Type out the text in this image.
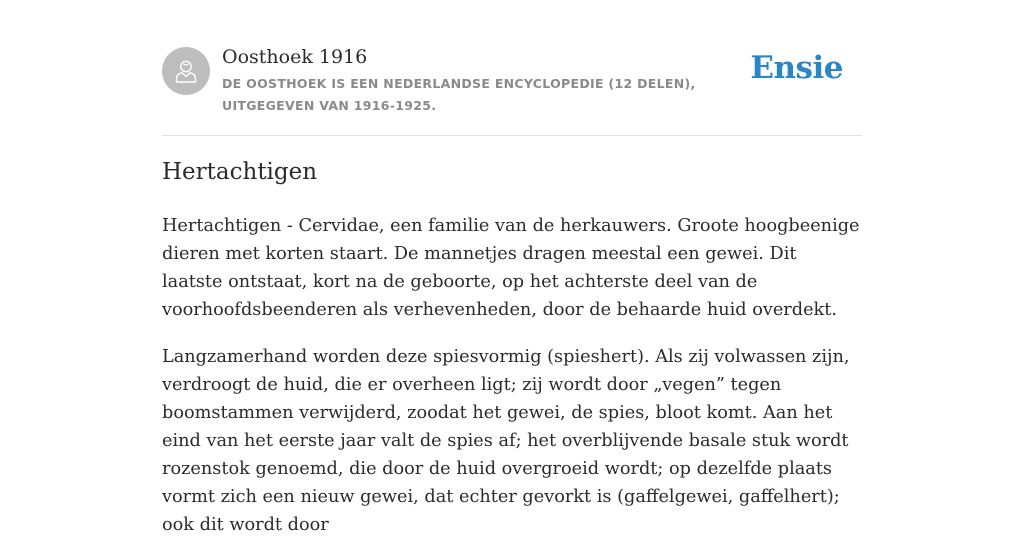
Oosthoek 1916

DE OOSTHOEK IS EEN NEDERLANDSE ENCYCLOPEDIE (12 DELEN), UITGEGEVEN VAN 1916-1925.

Ensie
Hertachtigen

Hertachtigen - Cervidae, een familie van de herkauwers. Groote hoogbeenige dieren met korten staart. De mannetjes dragen meestal een gewei. Dit laatste ontstaat, kort na de geboorte, op het achterste deel van de voorhoofdsbeenderen als verhevenheden, door de behaarde huid overdekt.

Langzamerhand worden deze spiesvormig (spieshert). Als zij volwassen zijn, verdroogt de huid, die er overheen ligt; zij wordt door „vegen” tegen boomstammen verwijderd, zoodat het gewei, de spies, bloot komt. Aan het eind van het eerste jaar valt de spies af; het overblijvende basale stuk wordt rozenstok genoemd, die door de huid overgroeid wordt; op dezelfde plaats vormt zich een nieuw gewei, dat echter gevorkt is (gaffelgewei, gaffelhert); ook dit wordt door
